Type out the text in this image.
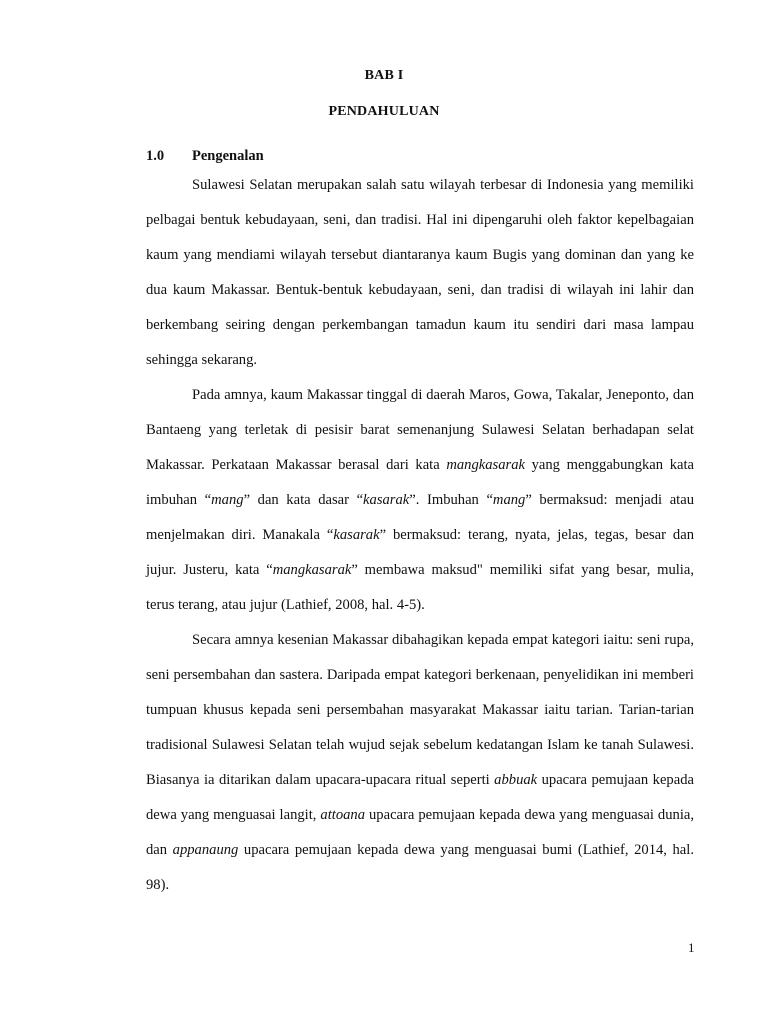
BAB I
PENDAHULUAN
1.0 Pengenalan

Sulawesi Selatan merupakan salah satu wilayah terbesar di Indonesia yang memiliki pelbagai bentuk kebudayaan, seni, dan tradisi. Hal ini dipengaruhi oleh faktor kepelbagaian kaum yang mendiami wilayah tersebut diantaranya kaum Bugis yang dominan dan yang ke dua kaum Makassar. Bentuk-bentuk kebudayaan, seni, dan tradisi di wilayah ini lahir dan berkembang seiring dengan perkembangan tamadun kaum itu sendiri dari masa lampau sehingga sekarang.

Pada amnya, kaum Makassar tinggal di daerah Maros, Gowa, Takalar, Jeneponto, dan Bantaeng yang terletak di pesisir barat semenanjung Sulawesi Selatan berhadapan selat Makassar. Perkataan Makassar berasal dari kata mangkasarak yang menggabungkan kata imbuhan “mang” dan kata dasar “kasarak”. Imbuhan “mang” bermaksud: menjadi atau menjelmakan diri. Manakala “kasarak” bermaksud: terang, nyata, jelas, tegas, besar dan jujur. Justeru, kata “mangkasarak” membawa maksud" memiliki sifat yang besar, mulia, terus terang, atau jujur (Lathief, 2008, hal. 4-5).

Secara amnya kesenian Makassar dibahagikan kepada empat kategori iaitu: seni rupa, seni persembahan dan sastera. Daripada empat kategori berkenaan, penyelidikan ini memberi tumpuan khusus kepada seni persembahan masyarakat Makassar iaitu tarian. Tarian-tarian tradisional Sulawesi Selatan telah wujud sejak sebelum kedatangan Islam ke tanah Sulawesi. Biasanya ia ditarikan dalam upacara-upacara ritual seperti abbuak upacara pemujaan kepada dewa yang menguasai langit, attoana upacara pemujaan kepada dewa yang menguasai dunia, dan appanaung upacara pemujaan kepada dewa yang menguasai bumi (Lathief, 2014, hal. 98).

1
